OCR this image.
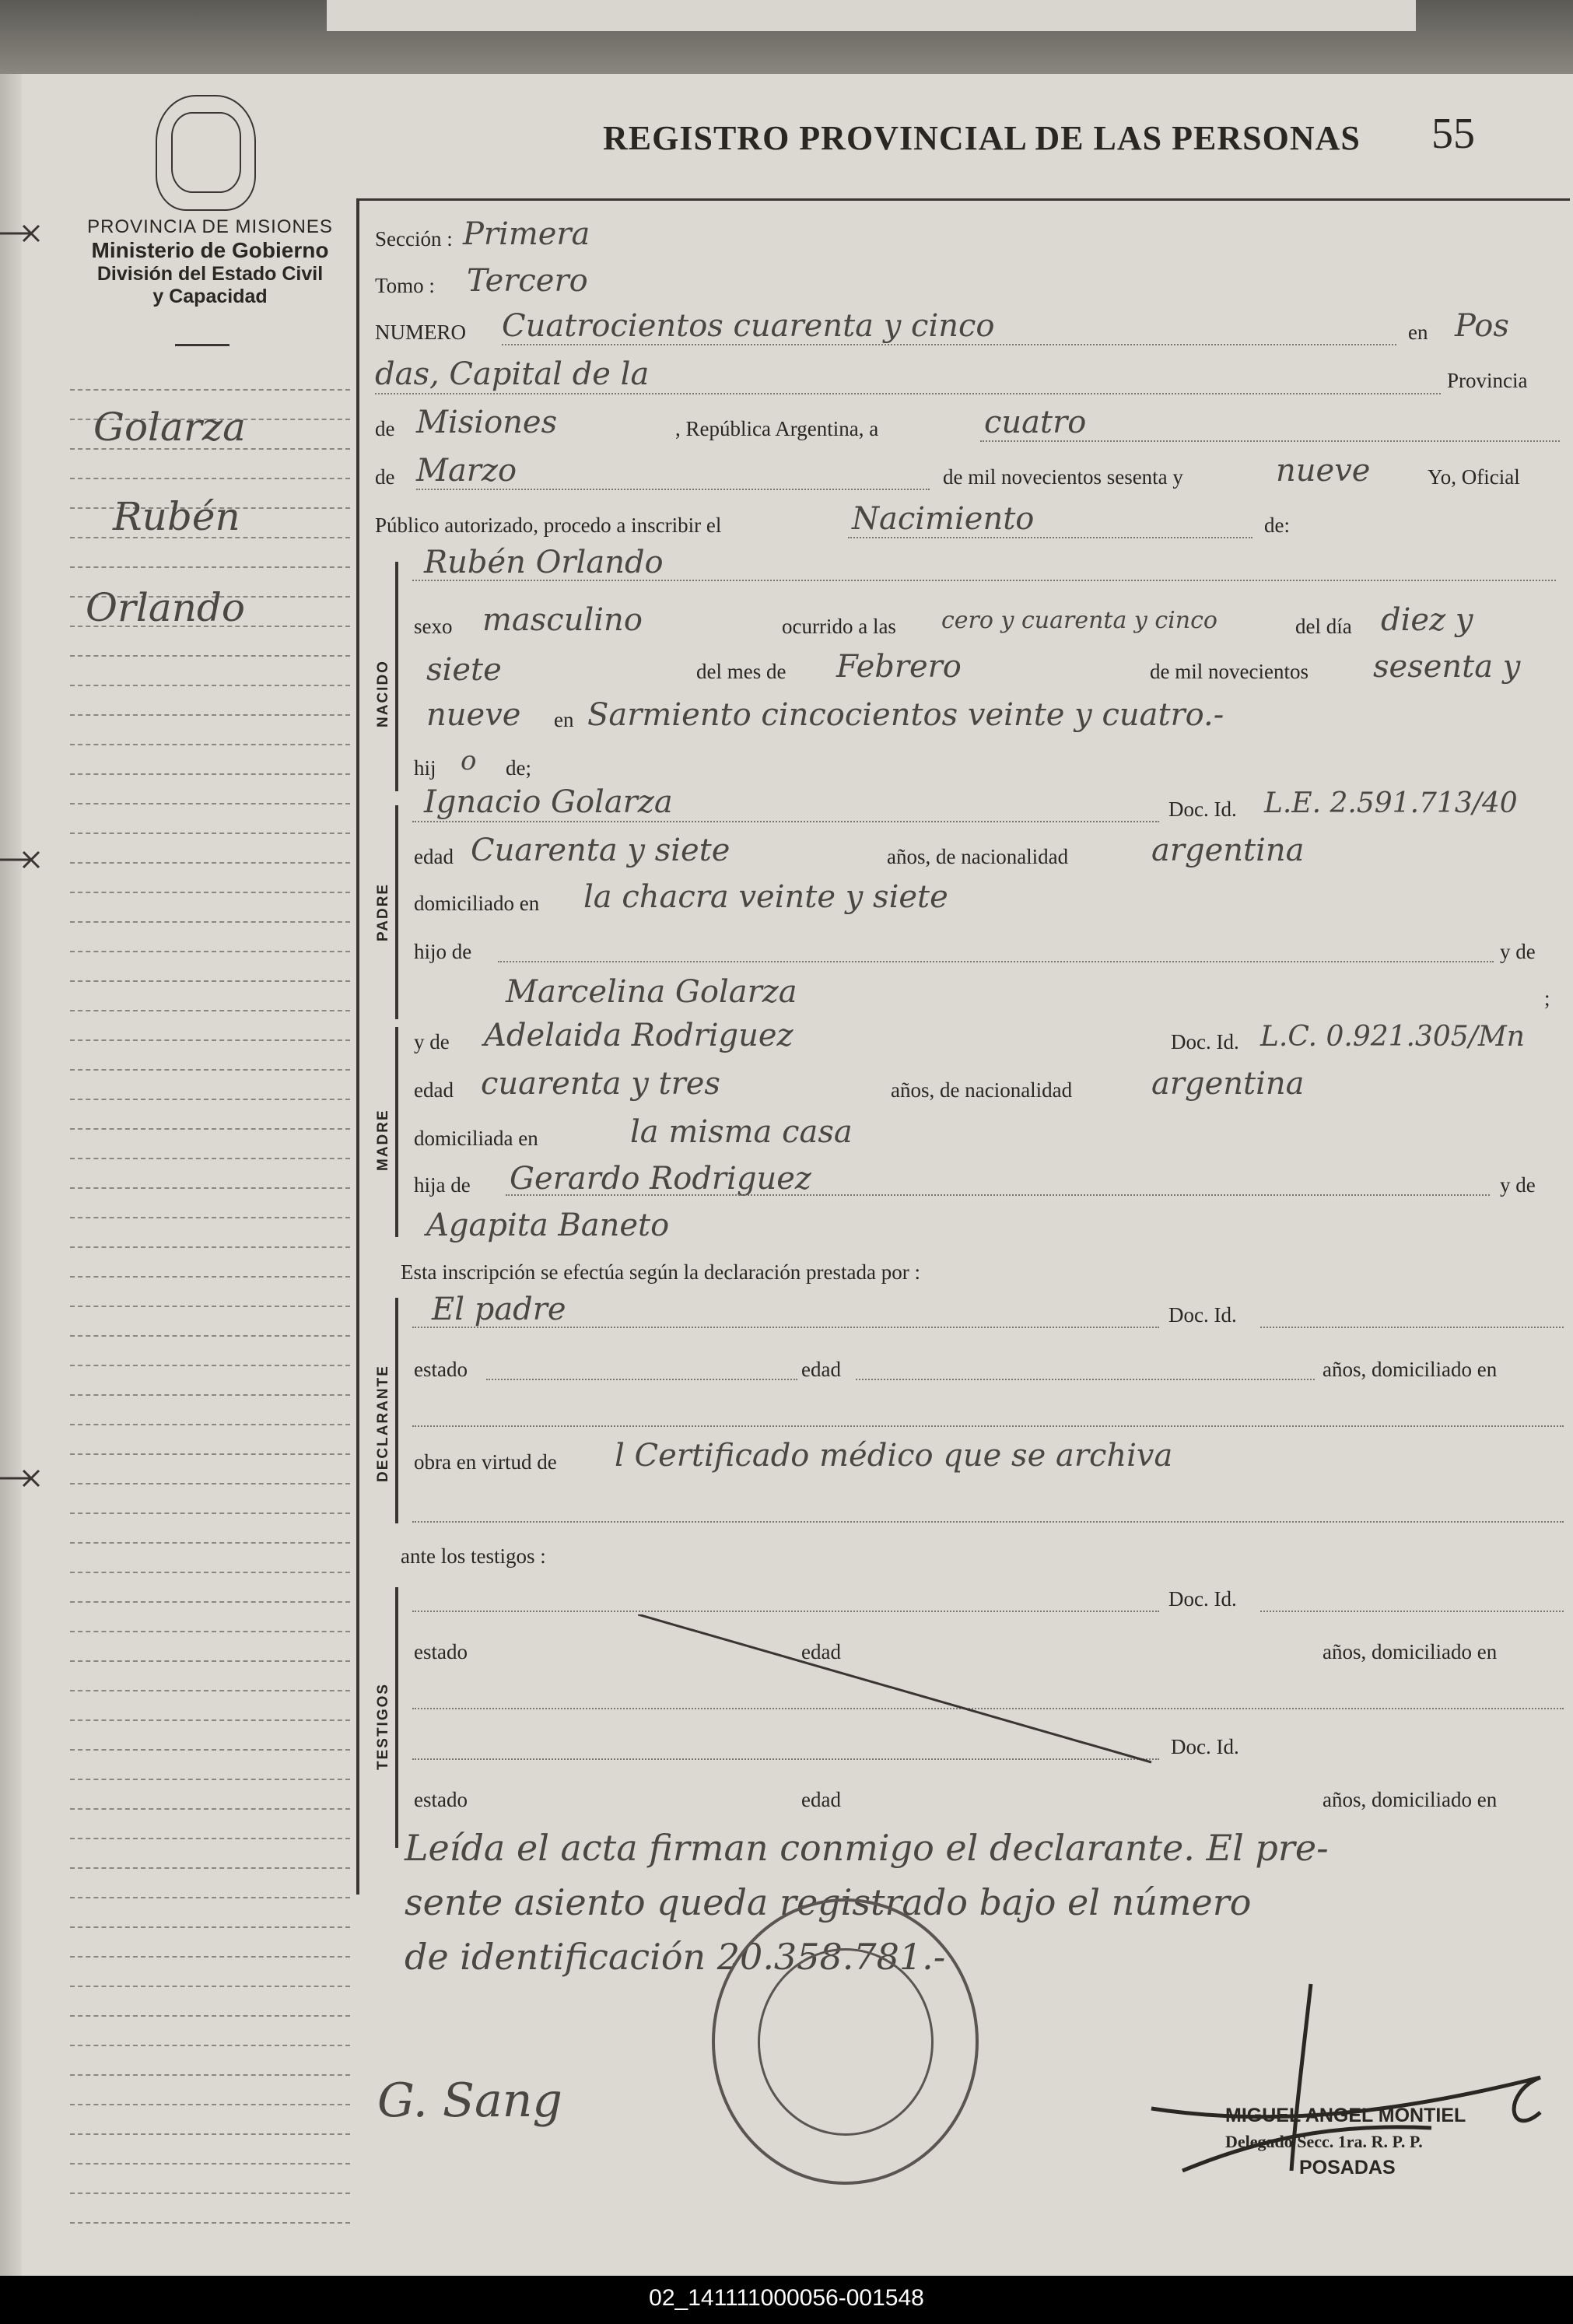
PROVINCIA DE MISIONES
Ministerio de Gobierno
División del Estado Civil
y Capacidad
Golarza
Rubén
Orlando
REGISTRO PROVINCIAL DE LAS PERSONAS 55
Sección : Primera
Tomo : Tercero
NUMERO Cuatrocientos cuarenta y cinco	en Pos
das, Capital de la	Provincia
de Misiones	, República Argentina, a	cuatro
de Marzo	de mil novecientos sesenta y	nueve	Yo, Oficial
Público autorizado, procedo a inscribir el	Nacimiento	de:
NACIDO
Rubén Orlando
sexo masculino	ocurrido a las cero y cuarenta y cinco	del día diez y
siete	del mes de Febrero	de mil novecientos sesenta y
nueve en Sarmiento cincocientos veinte y cuatro.-
hij o de;
PADRE
Ignacio Golarza	Doc. Id. L.E. 2.591.713/40
edad Cuarenta y siete	años, de nacionalidad	argentina
domiciliado en la chacra veinte y siete
hijo de	y de
Marcelina Golarza	;
MADRE
y de Adelaida Rodriguez	Doc. Id. L.C. 0.921.305/Mn
edad cuarenta y tres	años, de nacionalidad	argentina
domiciliada en	la misma casa
hija de Gerardo Rodriguez	y de
Agapita Baneto
Esta inscripción se efectúa según la declaración prestada por :
DECLARANTE
El padre	Doc. Id.
estado	edad	años, domiciliado en
obra en virtud de l Certificado médico que se archiva
ante los testigos :
TESTIGOS
Doc. Id.
estado	edad	años, domiciliado en
Doc. Id.
estado	edad	años, domiciliado en
Leída el acta firman conmigo el declarante. El pre-
sente asiento queda registrado bajo el número
de identificación 20.358.781.-
G. Sang	MIGUEL ANGEL MONTIEL
Delegado Secc. 1ra. R. P. P.
POSADAS
02_141111000056-001548
